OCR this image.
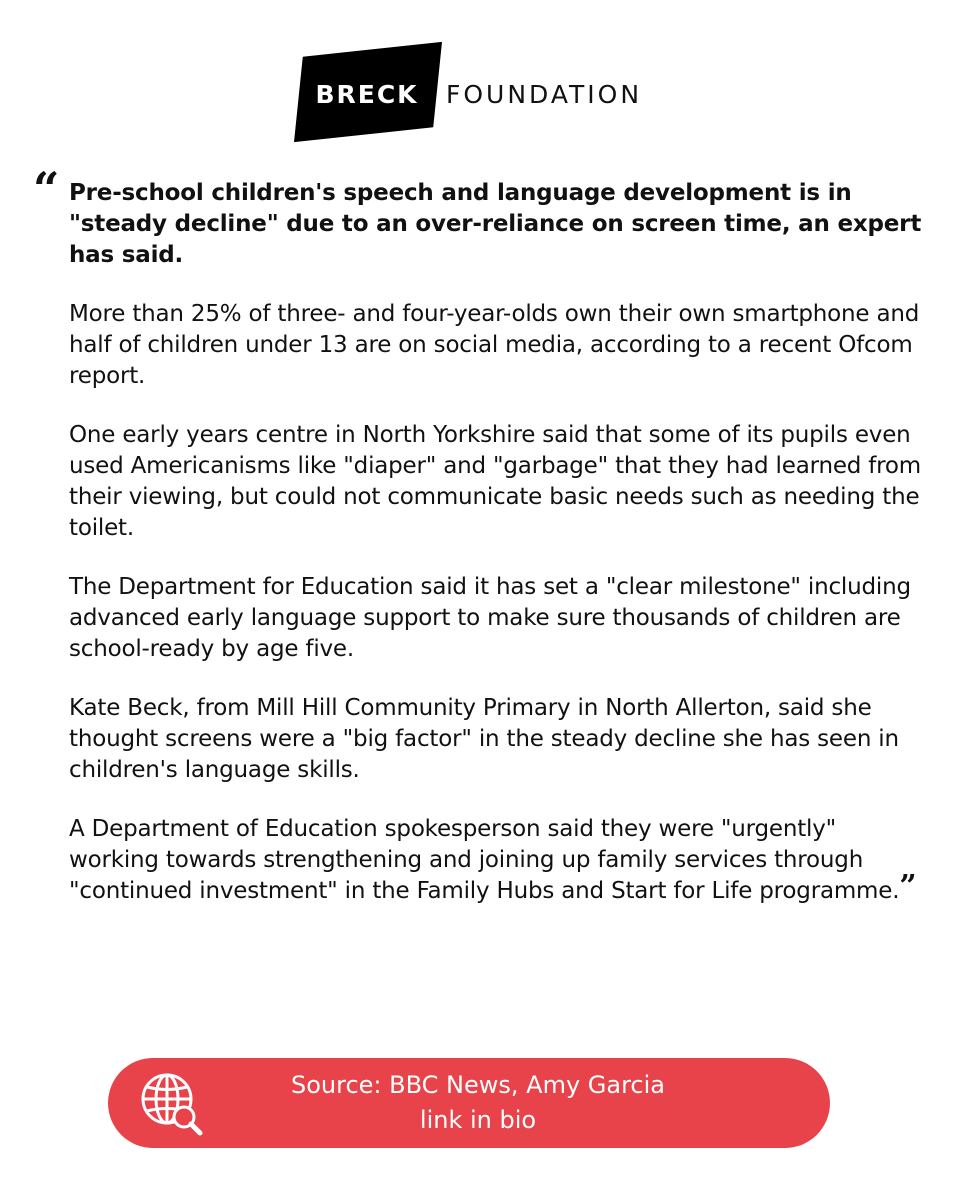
BRECK	FOUNDATION
“ Pre-school children's speech and language development is in "steady decline" due to an over-reliance on screen time, an expert has said.

More than 25% of three- and four-year-olds own their own smartphone and half of children under 13 are on social media, according to a recent Ofcom report.

One early years centre in North Yorkshire said that some of its pupils even used Americanisms like "diaper" and "garbage" that they had learned from their viewing, but could not communicate basic needs such as needing the toilet.

The Department for Education said it has set a "clear milestone" including advanced early language support to make sure thousands of children are school-ready by age five.

Kate Beck, from Mill Hill Community Primary in North Allerton, said she thought screens were a "big factor" in the steady decline she has seen in children's language skills.

A Department of Education spokesperson said they were "urgently" working towards strengthening and joining up family services through "continued investment" in the Family Hubs and Start for Life programme.”

Source: BBC News, Amy Garcia
link in bio
